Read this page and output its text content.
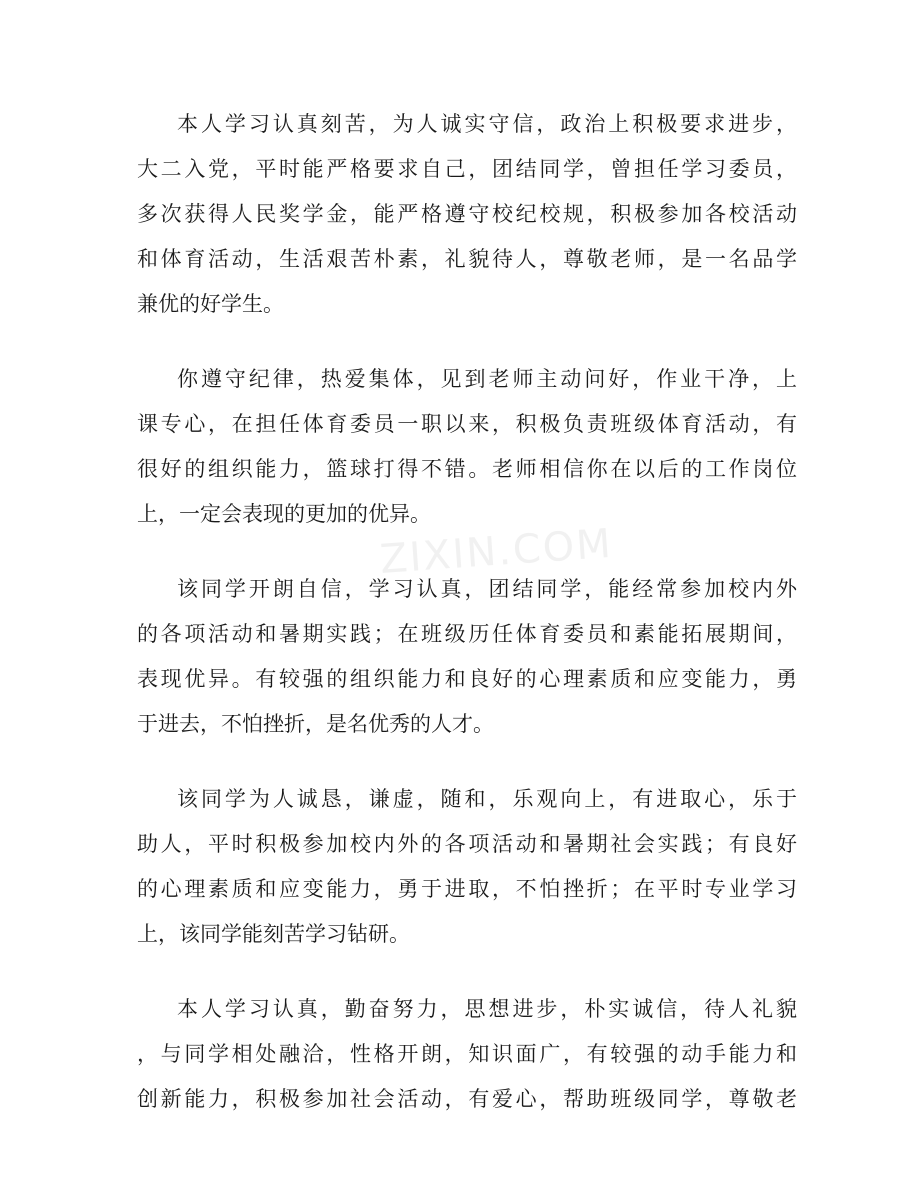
ZIXIN.COM
本人学习认真刻苦，为人诚实守信，政治上积极要求进步，
大二入党，平时能严格要求自己，团结同学，曾担任学习委员，
多次获得人民奖学金，能严格遵守校纪校规，积极参加各校活动
和体育活动，生活艰苦朴素，礼貌待人，尊敬老师，是一名品学
兼优的好学生。
你遵守纪律，热爱集体，见到老师主动问好，作业干净，上
课专心，在担任体育委员一职以来，积极负责班级体育活动，有
很好的组织能力，篮球打得不错。老师相信你在以后的工作岗位
上，一定会表现的更加的优异。
该同学开朗自信，学习认真，团结同学，能经常参加校内外
的各项活动和暑期实践；在班级历任体育委员和素能拓展期间，
表现优异。有较强的组织能力和良好的心理素质和应变能力，勇
于进去，不怕挫折，是名优秀的人才。
该同学为人诚恳，谦虚，随和，乐观向上，有进取心，乐于
助人，平时积极参加校内外的各项活动和暑期社会实践；有良好
的心理素质和应变能力，勇于进取，不怕挫折；在平时专业学习
上，该同学能刻苦学习钻研。
本人学习认真，勤奋努力，思想进步，朴实诚信，待人礼貌
，与同学相处融洽，性格开朗，知识面广，有较强的动手能力和
创新能力，积极参加社会活动，有爱心，帮助班级同学，尊敬老
